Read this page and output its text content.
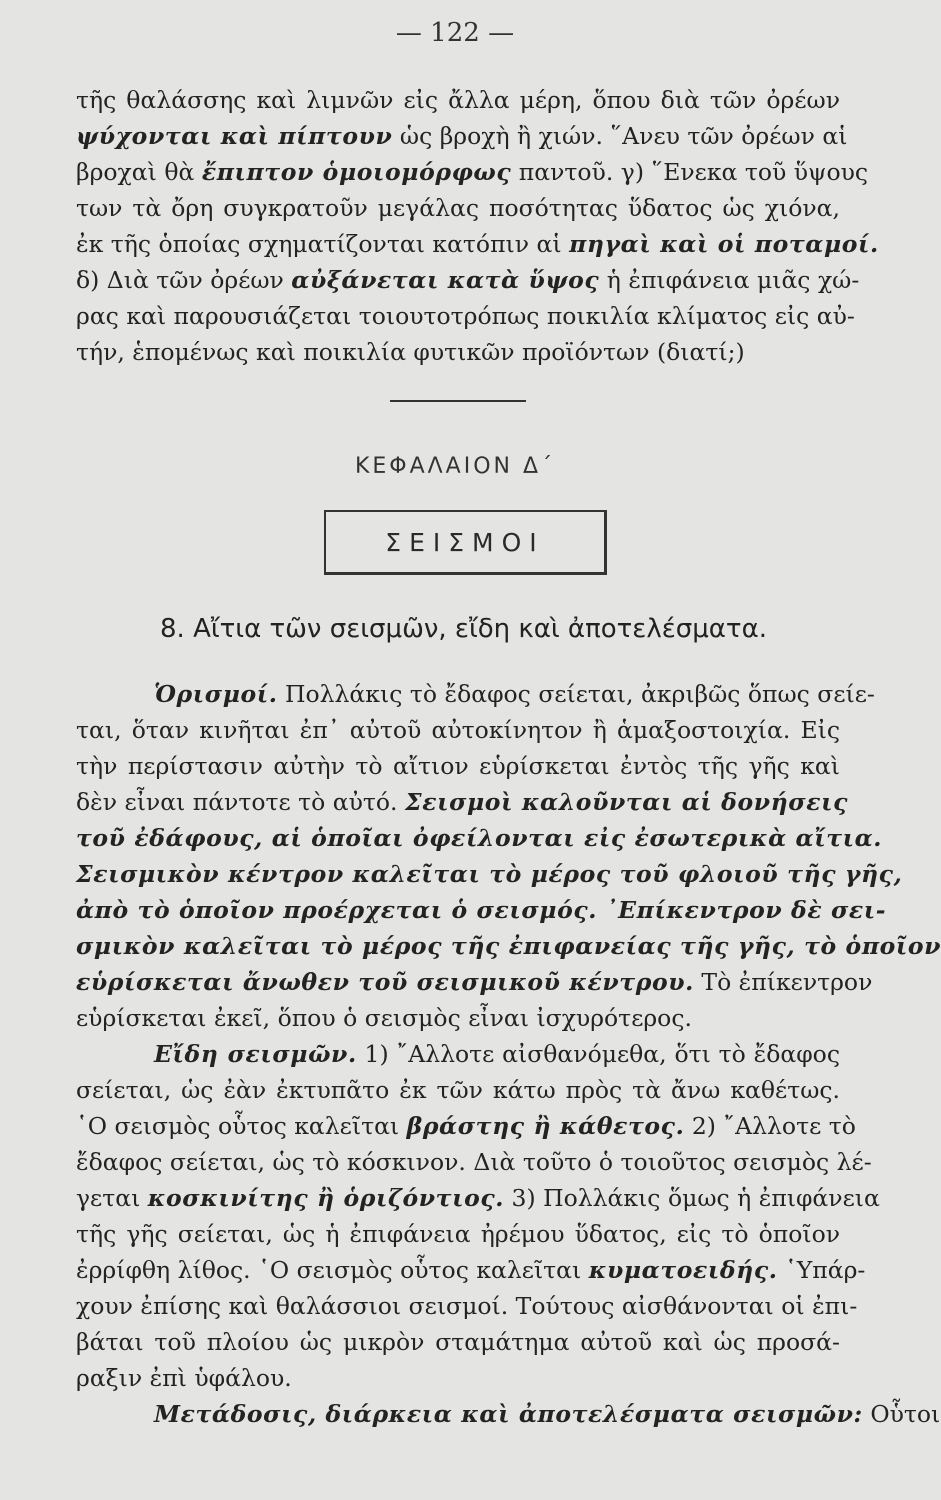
— 122 —
τῆς θαλάσσης καὶ λιμνῶν εἰς ἄλλα μέρη, ὅπου διὰ τῶν ὀρέων
ψύχονται καὶ πίπτουν ὡς βροχὴ ἢ χιών. ῞Ανευ τῶν ὀρέων αἱ
βροχαὶ θὰ ἔπιπτον ὁμοιομόρφως παντοῦ. γ) ῞Ενεκα τοῦ ὕψους
των τὰ ὄρη συγκρατοῦν μεγάλας ποσότητας ὕδατος ὡς χιόνα,
ἐκ τῆς ὁποίας σχηματίζονται κατόπιν αἱ πηγαὶ καὶ οἱ ποταμοί.
δ) Διὰ τῶν ὀρέων αὐξάνεται κατὰ ὕψος ἡ ἐπιφάνεια μιᾶς χώ-
ρας καὶ παρουσιάζεται τοιουτοτρόπως ποικιλία κλίματος εἰς αὐ-
τήν, ἑπομένως καὶ ποικιλία φυτικῶν προϊόντων (διατί;)
ΚΕΦΑΛΑΙΟΝ Δ΄
ΣΕΙΣΜΟΙ
8. Αἴτια τῶν σεισμῶν, εἴδη καὶ ἀποτελέσματα.
Ὁρισμοί. Πολλάκις τὸ ἔδαφος σείεται, ἀκριβῶς ὅπως σείε-
ται, ὅταν κινῆται ἐπ᾽ αὐτοῦ αὐτοκίνητον ἢ ἁμαξοστοιχία. Εἰς
τὴν περίστασιν αὐτὴν τὸ αἴτιον εὑρίσκεται ἐντὸς τῆς γῆς καὶ
δὲν εἶναι πάντοτε τὸ αὐτό. Σεισμοὶ καλοῦνται αἱ δονήσεις
τοῦ ἐδάφους, αἱ ὁποῖαι ὀφείλονται εἰς ἐσωτερικὰ αἴτια.
Σεισμικὸν κέντρον καλεῖται τὸ μέρος τοῦ φλοιοῦ τῆς γῆς,
ἀπὸ τὸ ὁποῖον προέρχεται ὁ σεισμός. ᾽Επίκεντρον δὲ σει-
σμικὸν καλεῖται τὸ μέρος τῆς ἐπιφανείας τῆς γῆς, τὸ ὁποῖον
εὑρίσκεται ἄνωθεν τοῦ σεισμικοῦ κέντρου. Τὸ ἐπίκεντρον
εὑρίσκεται ἐκεῖ, ὅπου ὁ σεισμὸς εἶναι ἰσχυρότερος.
Εἴδη σεισμῶν. 1) ῎Αλλοτε αἰσθανόμεθα, ὅτι τὸ ἔδαφος
σείεται, ὡς ἐὰν ἐκτυπᾶτο ἐκ τῶν κάτω πρὸς τὰ ἄνω καθέτως.
῾Ο σεισμὸς οὗτος καλεῖται βράστης ἢ κάθετος. 2) ῎Αλλοτε τὸ
ἔδαφος σείεται, ὡς τὸ κόσκινον. Διὰ τοῦτο ὁ τοιοῦτος σεισμὸς λέ-
γεται κοσκινίτης ἢ ὁριζόντιος. 3) Πολλάκις ὅμως ἡ ἐπιφάνεια
τῆς γῆς σείεται, ὡς ἡ ἐπιφάνεια ἠρέμου ὕδατος, εἰς τὸ ὁποῖον
ἐρρίφθη λίθος. ῾Ο σεισμὸς οὗτος καλεῖται κυματοειδής. ῾Υπάρ-
χουν ἐπίσης καὶ θαλάσσιοι σεισμοί. Τούτους αἰσθάνονται οἱ ἐπι-
βάται τοῦ πλοίου ὡς μικρὸν σταμάτημα αὐτοῦ καὶ ὡς προσά-
ραξιν ἐπὶ ὑφάλου.
Μετάδοσις, διάρκεια καὶ ἀποτελέσματα σεισμῶν: Οὗτοι
